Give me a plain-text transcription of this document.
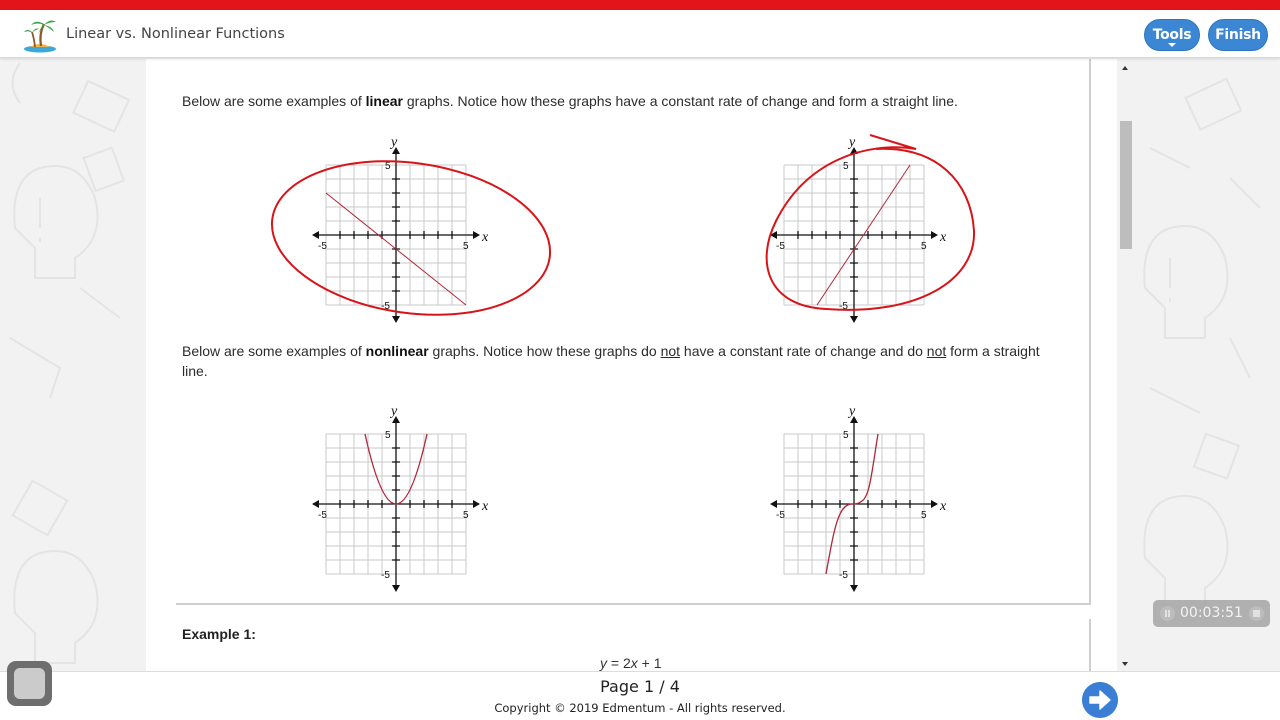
Linear vs. Nonlinear Functions	Tools Finish

Below are some examples of linear graphs. Notice how these graphs have a constant rate of change and form a straight line.

x
y
-5	5
5
-5
x
y
-5	5
5
-5
Below are some examples of nonlinear graphs. Notice how these graphs do not have a constant rate of change and do not form a straight line.
x
y
-5	5
5
-5
x
y
-5	5
5
-5
Example 1:
y = 2x + 1
00:03:51
Page 1 / 4
Copyright © 2019 Edmentum - All rights reserved.
